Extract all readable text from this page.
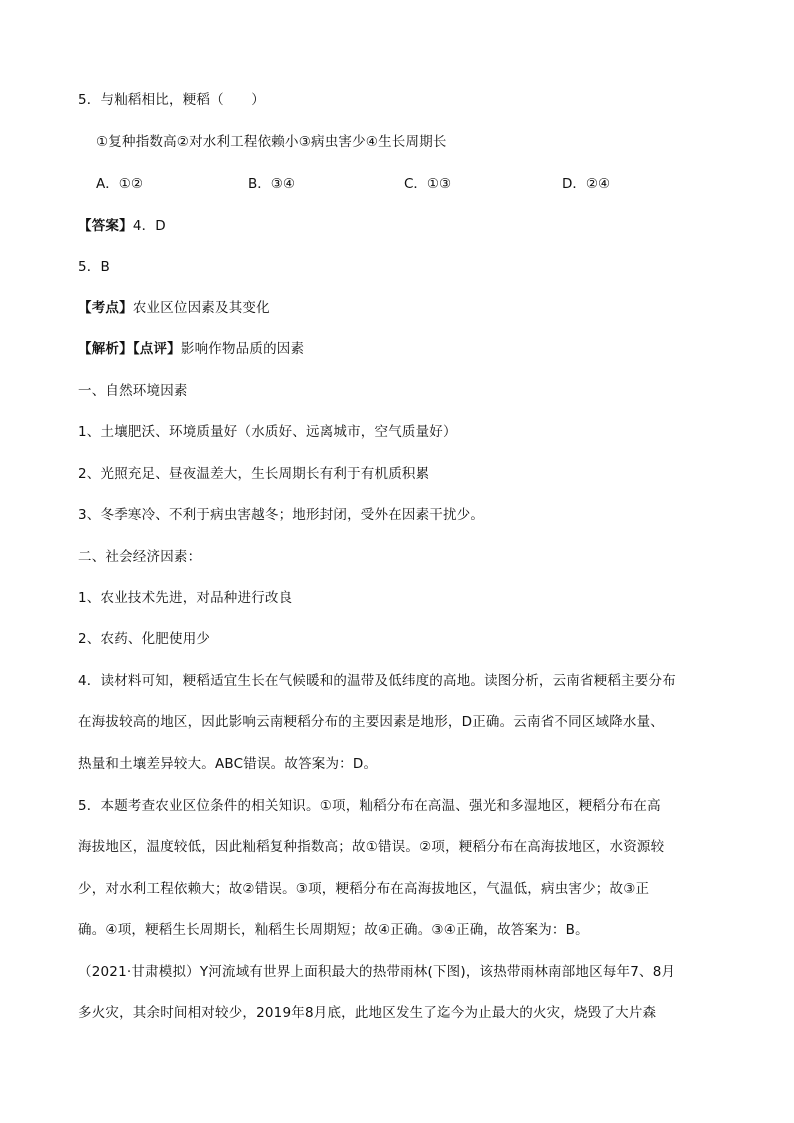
5．与籼稻相比，粳稻（　　）
①复种指数高②对水利工程依赖小③病虫害少④生长周期长
A．①②	B．③④	C．①③	D．②④
【答案】4．D
5．B
【考点】农业区位因素及其变化
【解析】【点评】影响作物品质的因素
一、自然环境因素
1、土壤肥沃、环境质量好（水质好、远离城市，空气质量好）
2、光照充足、昼夜温差大，生长周期长有利于有机质积累
3、冬季寒冷、不利于病虫害越冬；地形封闭，受外在因素干扰少。
二、社会经济因素：
1、农业技术先进，对品种进行改良
2、农药、化肥使用少
4．读材料可知，粳稻适宜生长在气候暖和的温带及低纬度的高地。读图分析，云南省粳稻主要分布
在海拔较高的地区，因此影响云南粳稻分布的主要因素是地形，D正确。云南省不同区域降水量、
热量和土壤差异较大。ABC错误。故答案为：D。
5．本题考查农业区位条件的相关知识。①项，籼稻分布在高温、强光和多湿地区，粳稻分布在高
海拔地区，温度较低，因此籼稻复种指数高；故①错误。②项，粳稻分布在高海拔地区，水资源较
少，对水利工程依赖大；故②错误。③项，粳稻分布在高海拔地区，气温低，病虫害少；故③正
确。④项，粳稻生长周期长，籼稻生长周期短；故④正确。③④正确，故答案为：B。
（2021·甘肃模拟）Y河流域有世界上面积最大的热带雨林(下图)，该热带雨林南部地区每年7、8月
多火灾，其余时间相对较少，2019年8月底，此地区发生了迄今为止最大的火灾，烧毁了大片森
